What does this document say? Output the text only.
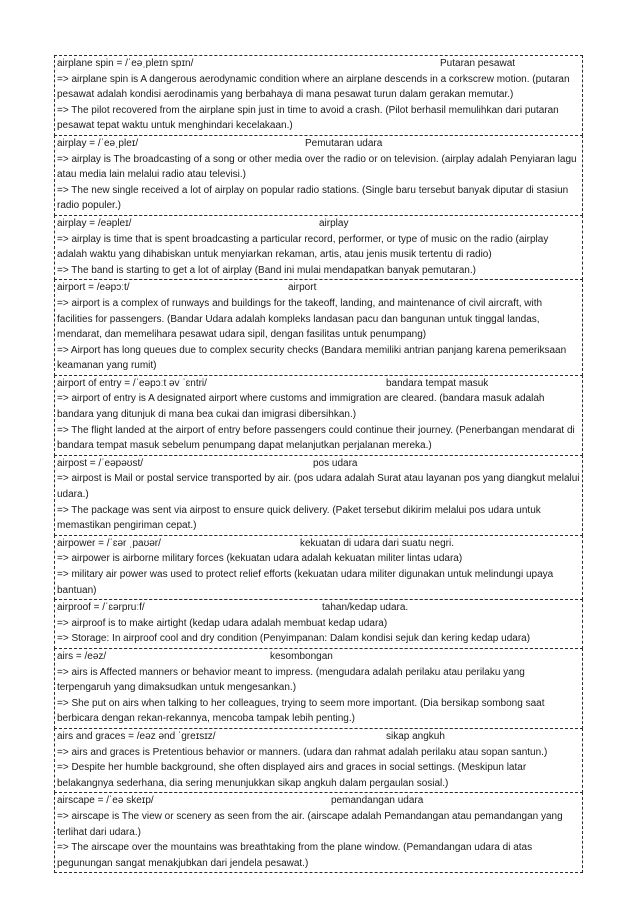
airplane spin = /ˈeəˌpleɪn spɪn/	Putaran pesawat

=> airplane spin is A dangerous aerodynamic condition where an airplane descends in a corkscrew motion. (putaran pesawat adalah kondisi aerodinamis yang berbahaya di mana pesawat turun dalam gerakan memutar.)

=> The pilot recovered from the airplane spin just in time to avoid a crash. (Pilot berhasil memulihkan dari putaran pesawat tepat waktu untuk menghindari kecelakaan.)

airplay = /ˈeəˌpleɪ/	Pemutaran udara

=> airplay is The broadcasting of a song or other media over the radio or on television. (airplay adalah Penyiaran lagu atau media lain melalui radio atau televisi.)

=> The new single received a lot of airplay on popular radio stations. (Single baru tersebut banyak diputar di stasiun radio populer.)

airplay = /eəpleɪ/	airplay

=> airplay is time that is spent broadcasting a particular record, performer, or type of music on the radio (airplay adalah waktu yang dihabiskan untuk menyiarkan rekaman, artis, atau jenis musik tertentu di radio)

=> The band is starting to get a lot of airplay (Band ini mulai mendapatkan banyak pemutaran.)

airport = /eəpɔːt/	airport

=> airport is a complex of runways and buildings for the takeoff, landing, and maintenance of civil aircraft, with facilities for passengers. (Bandar Udara adalah kompleks landasan pacu dan bangunan untuk tinggal landas, mendarat, dan memelihara pesawat udara sipil, dengan fasilitas untuk penumpang)

=> Airport has long queues due to complex security checks (Bandara memiliki antrian panjang karena pemeriksaan keamanan yang rumit)

airport of entry = /ˈeəpɔːt əv ˈɛntri/	bandara tempat masuk

=> airport of entry is A designated airport where customs and immigration are cleared. (bandara masuk adalah bandara yang ditunjuk di mana bea cukai dan imigrasi dibersihkan.)

=> The flight landed at the airport of entry before passengers could continue their journey. (Penerbangan mendarat di bandara tempat masuk sebelum penumpang dapat melanjutkan perjalanan mereka.)

airpost = /ˈeəpəʊst/	pos udara

=> airpost is Mail or postal service transported by air. (pos udara adalah Surat atau layanan pos yang diangkut melalui udara.)

=> The package was sent via airpost to ensure quick delivery. (Paket tersebut dikirim melalui pos udara untuk memastikan pengiriman cepat.)

airpower = /ˈɛər ˌpaʊər/	kekuatan di udara dari suatu negri.

=> airpower is airborne military forces (kekuatan udara adalah kekuatan militer lintas udara)

=> military air power was used to protect relief efforts (kekuatan udara militer digunakan untuk melindungi upaya bantuan)

airproof = /ˈɛərpruːf/	tahan/kedap udara.

=> airproof is to make airtight (kedap udara adalah membuat kedap udara)

=> Storage: In airproof cool and dry condition (Penyimpanan: Dalam kondisi sejuk dan kering kedap udara)

airs = /eəz/	kesombongan

=> airs is Affected manners or behavior meant to impress. (mengudara adalah perilaku atau perilaku yang terpengaruh yang dimaksudkan untuk mengesankan.)

=> She put on airs when talking to her colleagues, trying to seem more important. (Dia bersikap sombong saat berbicara dengan rekan-rekannya, mencoba tampak lebih penting.)

airs and graces = /eəz ənd ˈɡreɪsɪz/	sikap angkuh

=> airs and graces is Pretentious behavior or manners. (udara dan rahmat adalah perilaku atau sopan santun.)

=> Despite her humble background, she often displayed airs and graces in social settings. (Meskipun latar belakangnya sederhana, dia sering menunjukkan sikap angkuh dalam pergaulan sosial.)

airscape = /ˈeə skeɪp/	pemandangan udara

=> airscape is The view or scenery as seen from the air. (airscape adalah Pemandangan atau pemandangan yang terlihat dari udara.)

=> The airscape over the mountains was breathtaking from the plane window. (Pemandangan udara di atas pegunungan sangat menakjubkan dari jendela pesawat.)
